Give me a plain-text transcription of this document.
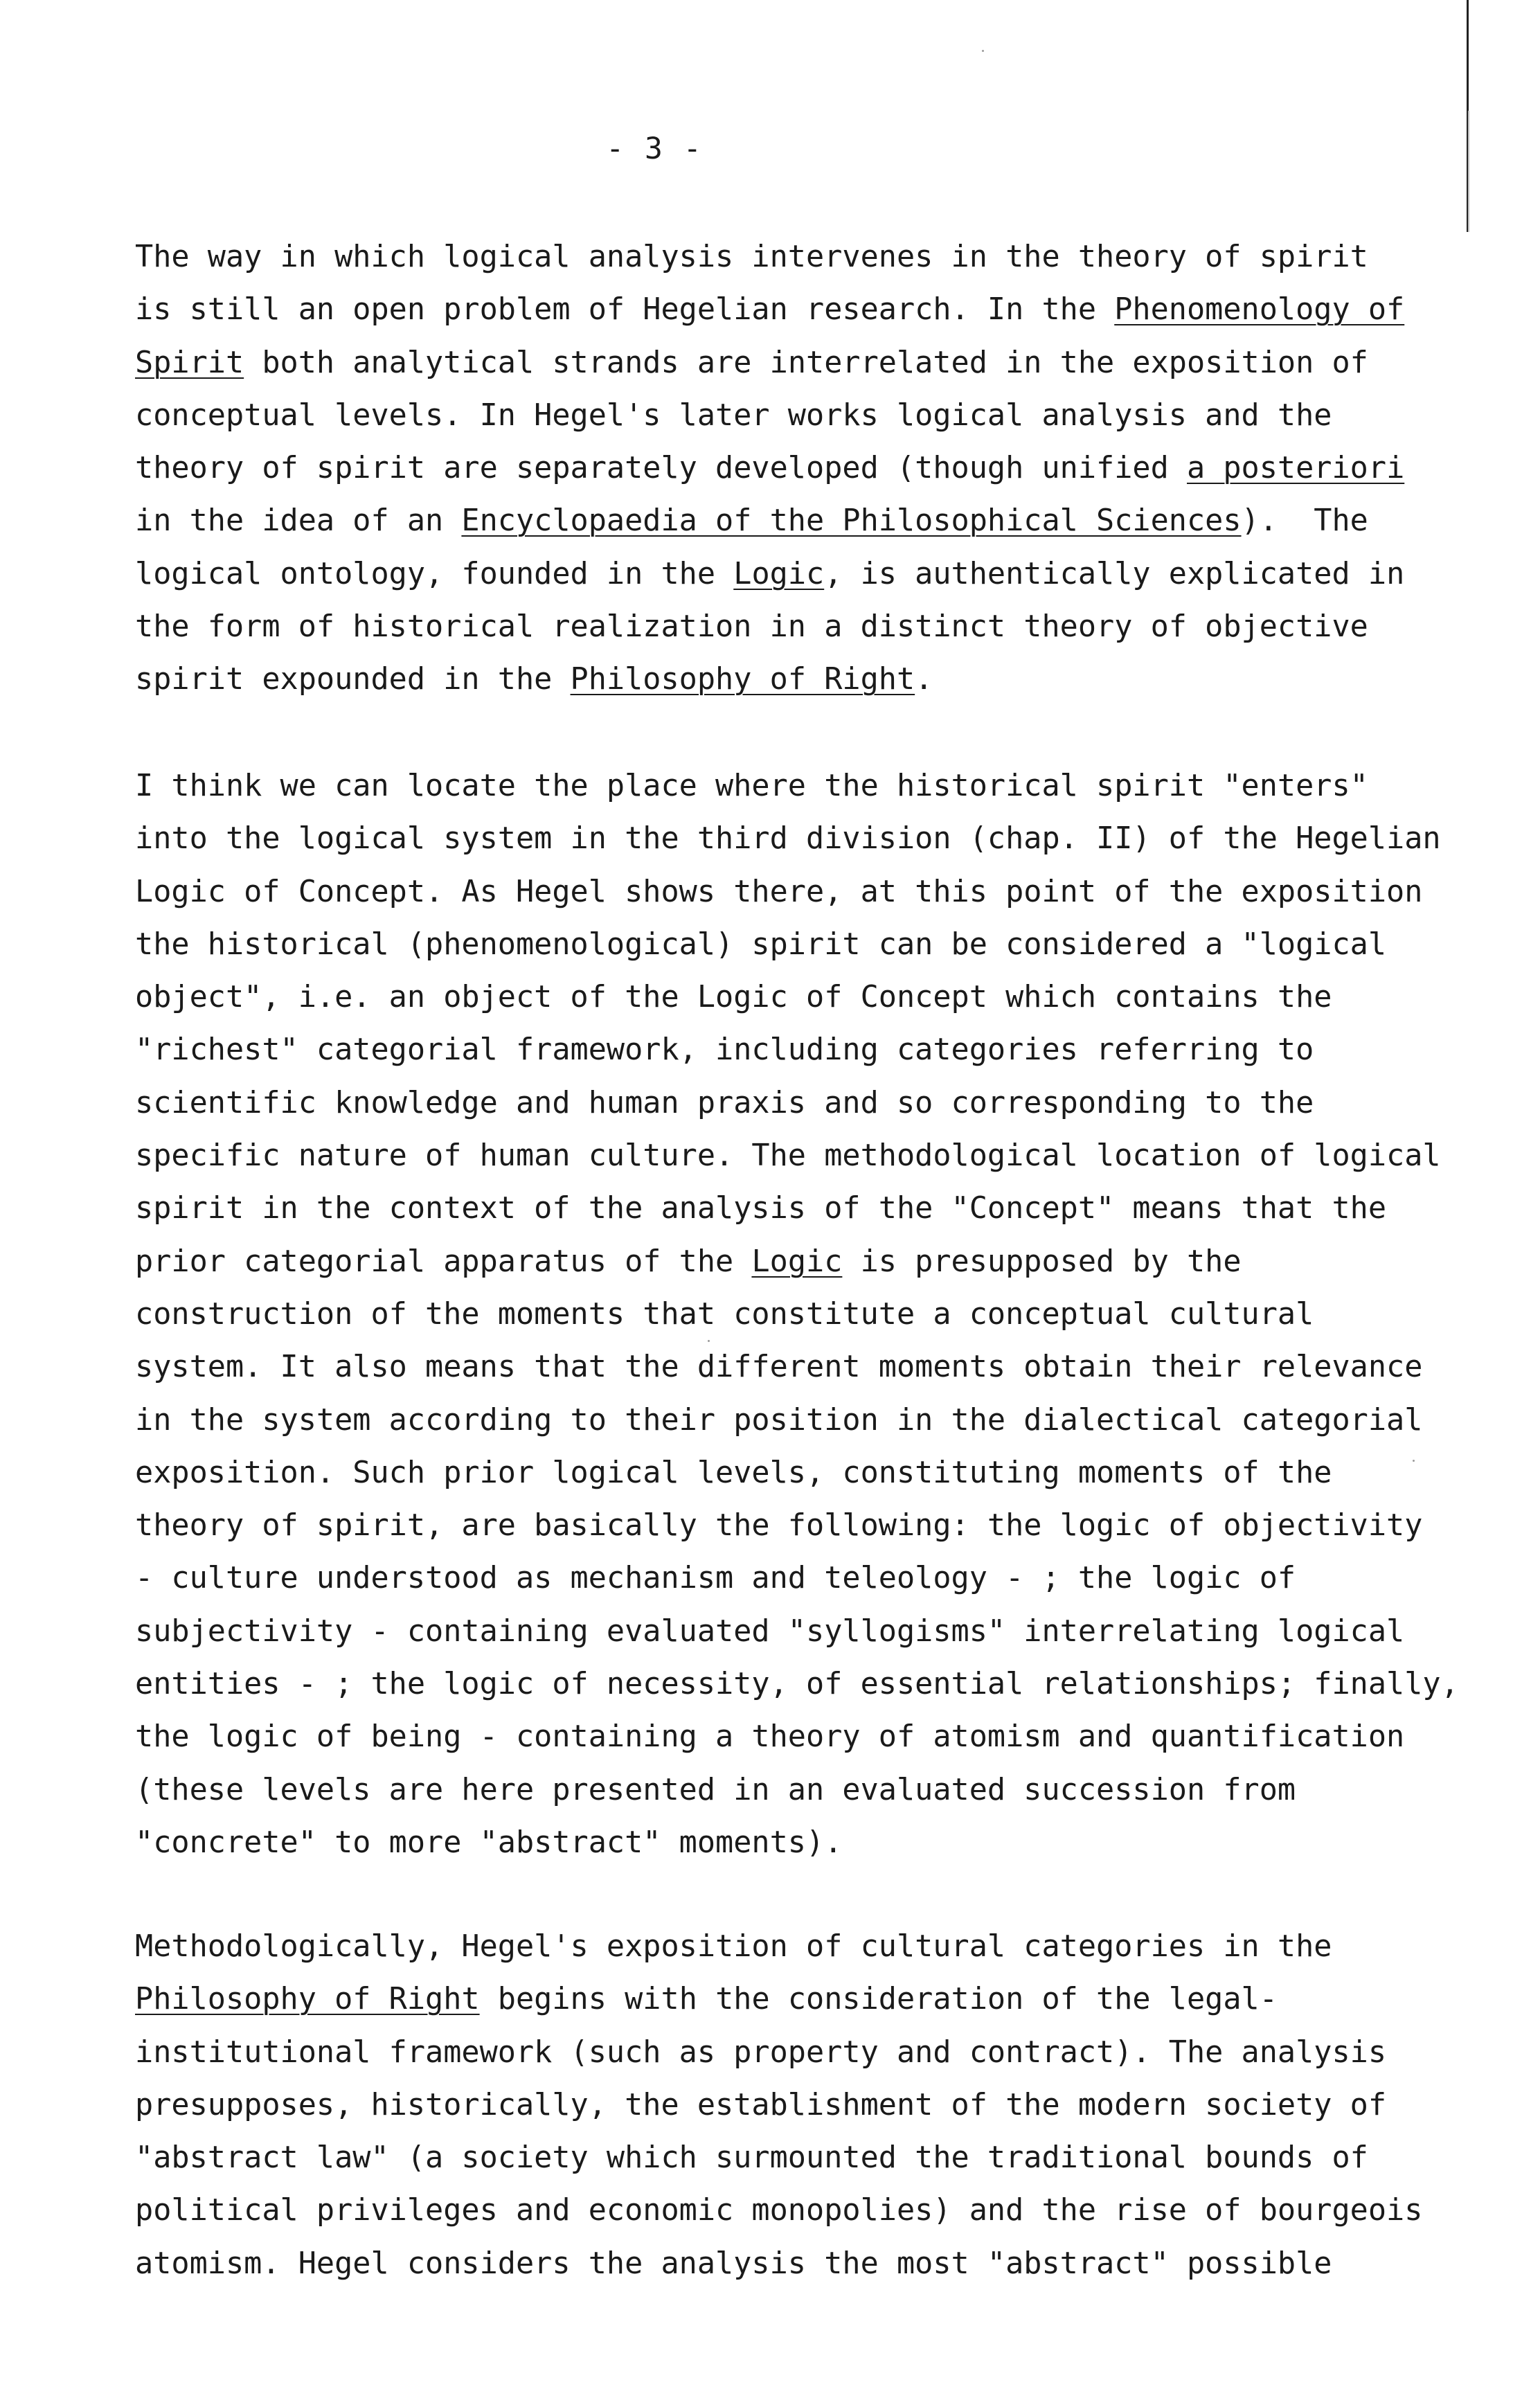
- 3 -
The way in which logical analysis intervenes in the theory of spirit
is still an open problem of Hegelian research. In the Phenomenology of
Spirit both analytical strands are interrelated in the exposition of
conceptual levels. In Hegel's later works logical analysis and the
theory of spirit are separately developed (though unified a posteriori
in the idea of an Encyclopaedia of the Philosophical Sciences).  The
logical ontology, founded in the Logic, is authentically explicated in
the form of historical realization in a distinct theory of objective
spirit expounded in the Philosophy of Right.
I think we can locate the place where the historical spirit "enters"
into the logical system in the third division (chap. II) of the Hegelian
Logic of Concept. As Hegel shows there, at this point of the exposition
the historical (phenomenological) spirit can be considered a "logical
object", i.e. an object of the Logic of Concept which contains the
"richest" categorial framework, including categories referring to
scientific knowledge and human praxis and so corresponding to the
specific nature of human culture. The methodological location of logical
spirit in the context of the analysis of the "Concept" means that the
prior categorial apparatus of the Logic is presupposed by the
construction of the moments that constitute a conceptual cultural
system. It also means that the different moments obtain their relevance
in the system according to their position in the dialectical categorial
exposition. Such prior logical levels, constituting moments of the
theory of spirit, are basically the following: the logic of objectivity
- culture understood as mechanism and teleology - ; the logic of
subjectivity - containing evaluated "syllogisms" interrelating logical
entities - ; the logic of necessity, of essential relationships; finally,
the logic of being - containing a theory of atomism and quantification
(these levels are here presented in an evaluated succession from
"concrete" to more "abstract" moments).
Methodologically, Hegel's exposition of cultural categories in the
Philosophy of Right begins with the consideration of the legal-
institutional framework (such as property and contract). The analysis
presupposes, historically, the establishment of the modern society of
"abstract law" (a society which surmounted the traditional bounds of
political privileges and economic monopolies) and the rise of bourgeois
atomism. Hegel considers the analysis the most "abstract" possible
